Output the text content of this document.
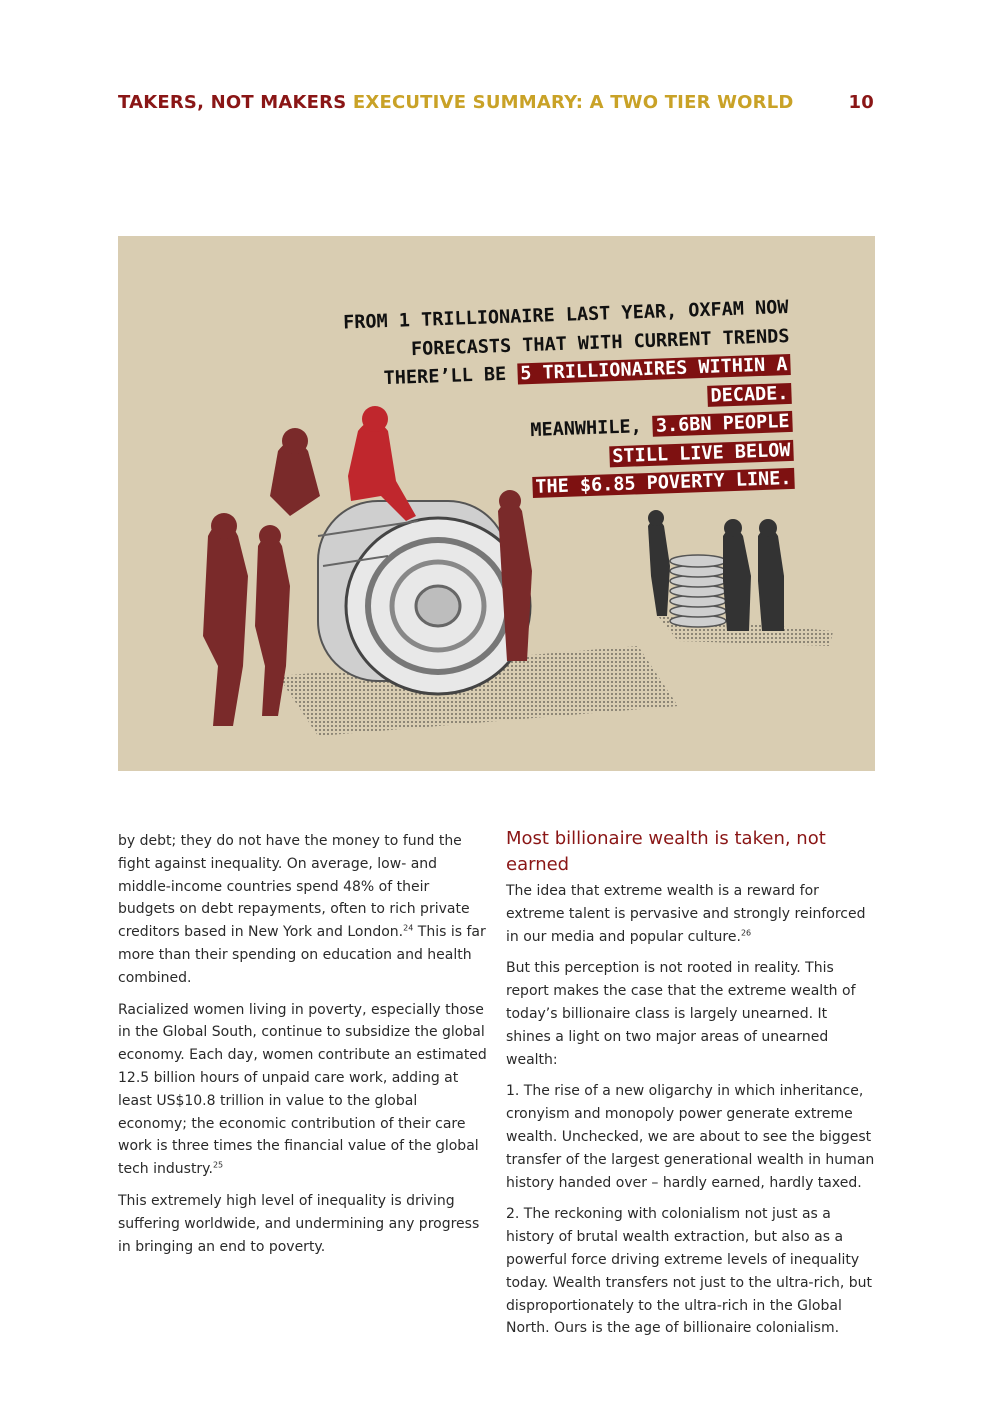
TAKERS, NOT MAKERS EXECUTIVE SUMMARY: A TWO TIER WORLD	10
FROM 1 TRILLIONAIRE LAST YEAR, OXFAM NOW
FORECASTS THAT WITH CURRENT TRENDS
THERE’LL BE 5 TRILLIONAIRES WITHIN A DECADE.
MEANWHILE, 3.6BN PEOPLE
STILL LIVE BELOW
THE $6.85 POVERTY LINE.

by debt; they do not have the money to fund the fight against inequality. On average, low- and middle-income countries spend 48% of their budgets on debt repayments, often to rich private creditors based in New York and London.$^{24}$ This is far more than their spending on education and health combined.

Racialized women living in poverty, especially those in the Global South, continue to subsidize the global economy. Each day, women contribute an estimated 12.5 billion hours of unpaid care work, adding at least US$10.8 trillion in value to the global economy; the economic contribution of their care work is three times the financial value of the global tech industry.$^{25}$

This extremely high level of inequality is driving suffering worldwide, and undermining any progress in bringing an end to poverty.

Most billionaire wealth is taken, not earned

The idea that extreme wealth is a reward for extreme talent is pervasive and strongly reinforced in our media and popular culture.$^{26}$

But this perception is not rooted in reality. This report makes the case that the extreme wealth of today’s billionaire class is largely unearned. It shines a light on two major areas of unearned wealth:

1. The rise of a new oligarchy in which inheritance, cronyism and monopoly power generate extreme wealth. Unchecked, we are about to see the biggest transfer of the largest generational wealth in human history handed over – hardly earned, hardly taxed.

2. The reckoning with colonialism not just as a history of brutal wealth extraction, but also as a powerful force driving extreme levels of inequality today. Wealth transfers not just to the ultra-rich, but disproportionately to the ultra-rich in the Global North. Ours is the age of billionaire colonialism.
